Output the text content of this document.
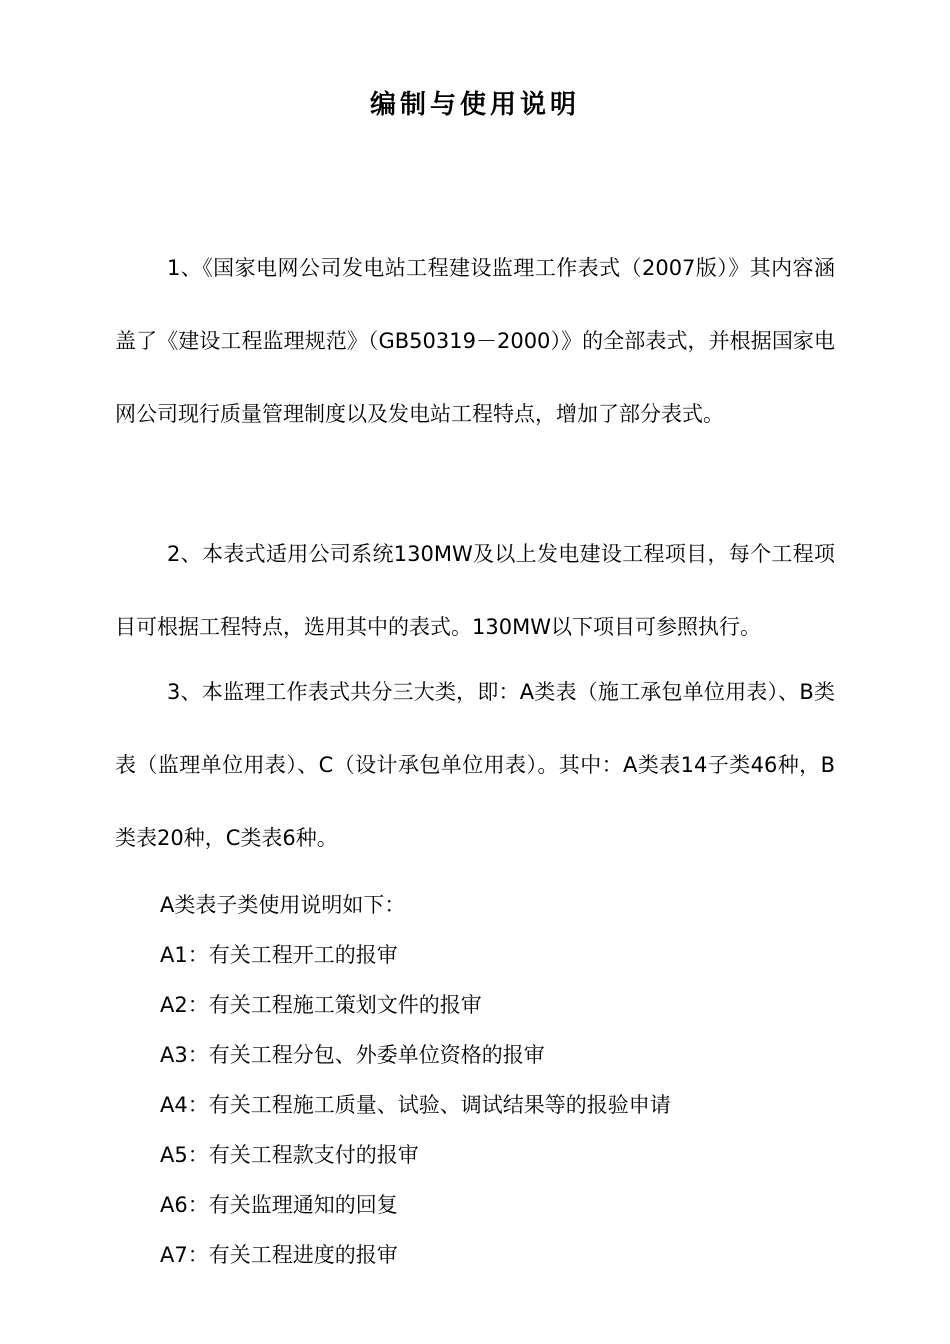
编制与使用说明
1、《国家电网公司发电站工程建设监理工作表式（2007版）》其内容涵盖了《建设工程监理规范》（GB50319－2000）》的全部表式，并根据国家电网公司现行质量管理制度以及发电站工程特点，增加了部分表式。
2、本表式适用公司系统130MW及以上发电建设工程项目，每个工程项目可根据工程特点，选用其中的表式。130MW以下项目可参照执行。
3、本监理工作表式共分三大类，即：A类表（施工承包单位用表）、B类表（监理单位用表）、C（设计承包单位用表）。其中：A类表14子类46种，B类表20种，C类表6种。
A类表子类使用说明如下：
A1：有关工程开工的报审
A2：有关工程施工策划文件的报审
A3：有关工程分包、外委单位资格的报审
A4：有关工程施工质量、试验、调试结果等的报验申请
A5：有关工程款支付的报审
A6：有关监理通知的回复
A7：有关工程进度的报审
